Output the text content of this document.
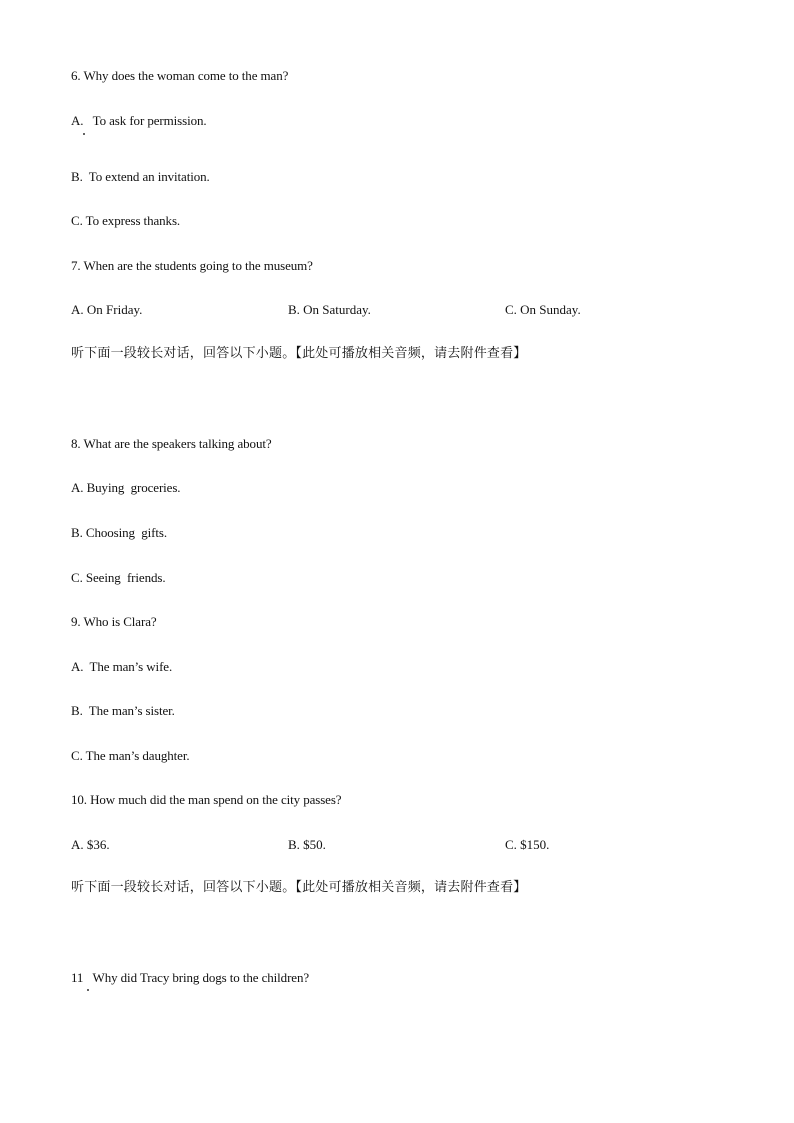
6. Why does the woman come to the man?
A.   To ask for permission.
B.  To extend an invitation.
C. To express thanks.
7. When are the students going to the museum?
A. On Friday.	B. On Saturday.	C. On Sunday.
听下面一段较长对话，回答以下小题。【此处可播放相关音频，请去附件查看】
8. What are the speakers talking about?
A. Buying  groceries.
B. Choosing  gifts.
C. Seeing  friends.
9. Who is Clara?
A.  The man’s wife.
B.  The man’s sister.
C. The man’s daughter.
10. How much did the man spend on the city passes?
A. $36.	B. $50.	C. $150.
听下面一段较长对话，回答以下小题。【此处可播放相关音频，请去附件查看】
11   Why did Tracy bring dogs to the children?
